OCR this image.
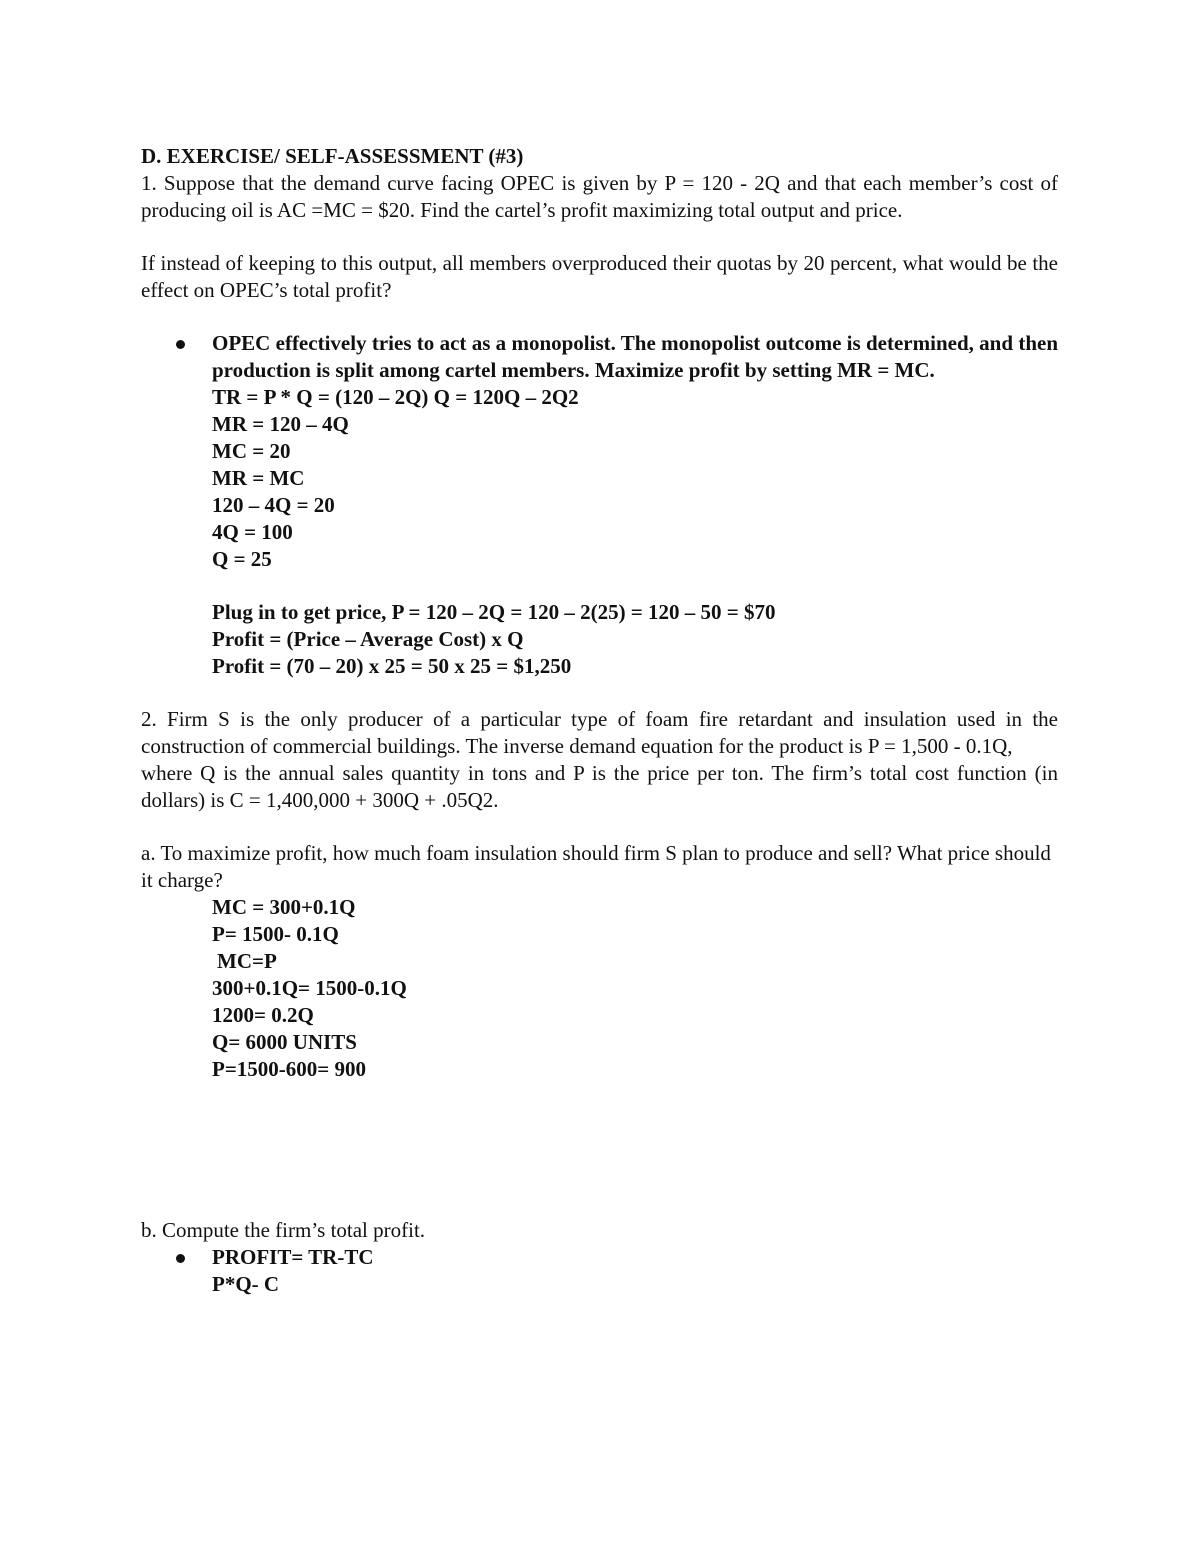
D. EXERCISE/ SELF-ASSESSMENT (#3)

1. Suppose that the demand curve facing OPEC is given by P = 120 - 2Q and that each member’s cost of producing oil is AC =MC = $20. Find the cartel’s profit maximizing total output and price.

If instead of keeping to this output, all members overproduced their quotas by 20 percent, what would be the effect on OPEC’s total profit?

OPEC effectively tries to act as a monopolist. The monopolist outcome is determined, and then production is split among cartel members. Maximize profit by setting MR = MC.

TR = P * Q = (120 – 2Q) Q = 120Q – 2Q2
MR = 120 – 4Q
MC = 20
MR = MC
120 – 4Q = 20
4Q = 100
Q = 25
Plug in to get price, P = 120 – 2Q = 120 – 2(25) = 120 – 50 = $70
Profit = (Price – Average Cost) x Q
Profit = (70 – 20) x 25 = 50 x 25 = $1,250

2. Firm S is the only producer of a particular type of foam fire retardant and insulation used in the construction of commercial buildings. The inverse demand equation for the product is P = 1,500 - 0.1Q,

where Q is the annual sales quantity in tons and P is the price per ton. The firm’s total cost function (in dollars) is C = 1,400,000 + 300Q + .05Q2.

a. To maximize profit, how much foam insulation should firm S plan to produce and sell? What price should it charge?

MC = 300+0.1Q
P= 1500- 0.1Q
MC=P
300+0.1Q= 1500-0.1Q
1200= 0.2Q
Q= 6000 UNITS
P=1500-600= 900

b. Compute the firm’s total profit.

PROFIT= TR-TC
P*Q- C
